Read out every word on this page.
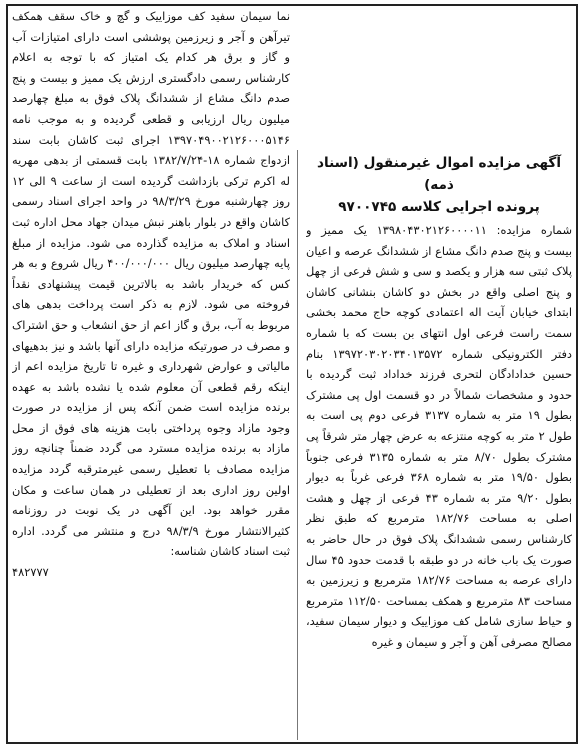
نما سیمان سفید کف موزاییک و گچ و خاک سقف همکف تیرآهن و آجر و زیرزمین پوششی است دارای امتیازات آب و گاز و برق هر کدام یک امتیاز که با توجه به اعلام کارشناس رسمی دادگستری ارزش یک ممیز و بیست و پنج صدم دانگ مشاع از ششدانگ پلاک فوق به مبلغ چهارصد میلیون ریال ارزیابی و قطعی گردیده و به موجب نامه ۱۳۹۷۰۴۹۰۰۲۱۲۶۰۰۰۵۱۴۶ اجرای ثبت کاشان بابت سند ازدواج شماره ۱۸-۱۳۸۲/۷/۲۴ بابت قسمتی از بدهی مهریه له اکرم ترکی بازداشت گردیده است از ساعت ۹ الی ۱۲ روز چهارشنبه مورخ ۹۸/۳/۲۹ در واحد اجرای اسناد رسمی کاشان واقع در بلوار باهنر نبش میدان جهاد محل اداره ثبت اسناد و املاک به مزایده گذارده می شود. مزایده از مبلغ پایه چهارصد میلیون ریال ۴۰۰/۰۰۰/۰۰۰ ریال شروع و به هر کس که خریدار باشد به بالاترین قیمت پیشنهادی نقداً فروخته می شود. لازم به ذکر است پرداخت بدهی های مربوط به آب، برق و گاز اعم از حق انشعاب و حق اشتراک و مصرف در صورتیکه مزایده دارای آنها باشد و نیز بدهیهای مالیاتی و عوارض شهرداری و غیره تا تاریخ مزایده اعم از اینکه رقم قطعی آن معلوم شده یا نشده باشد به عهده برنده مزایده است ضمن آنکه پس از مزایده در صورت وجود مازاد وجوه پرداختی بابت هزینه های فوق از محل مازاد به برنده مزایده مسترد می گردد ضمناً چنانچه روز مزایده مصادف با تعطیل رسمی غیرمترقبه گردد مزایده اولین روز اداری بعد از تعطیلی در همان ساعت و مکان مقرر خواهد بود. این آگهی در یک نوبت در روزنامه کثیرالانتشار مورخ ۹۸/۳/۹ درج و منتشر می گردد. اداره ثبت اسناد کاشان شناسه:

۴۸۲۷۷۷

آگهی مزایده اموال غیرمنقول (اسناد ذمه)
پرونده اجرایی کلاسه ۹۷۰۰۷۴۵

شماره مزایده: ۱۳۹۸۰۴۳۰۲۱۲۶۰۰۰۰۱۱ یک ممیز و بیست و پنج صدم دانگ مشاع از ششدانگ عرصه و اعیان پلاک ثبتی سه هزار و یکصد و سی و شش فرعی از چهل و پنج اصلی واقع در بخش دو کاشان بنشانی کاشان ابتدای خیابان آیت اله اعتمادی کوچه حاج محمد بخشی سمت راست فرعی اول انتهای بن بست که با شماره دفتر الکترونیکی شماره ۱۳۹۷۲۰۳۰۲۰۳۴۰۱۳۵۷۲ بنام حسین خدادادگان لتحری فرزند خداداد ثبت گردیده با حدود و مشخصات شمالاً در دو قسمت اول پی مشترک بطول ۱۹ متر به شماره ۳۱۳۷ فرعی دوم پی است به طول ۲ متر به کوچه منتزعه به عرض چهار متر شرقاً پی مشترک بطول ۸/۷۰ متر به شماره ۳۱۳۵ فرعی جنوباً بطول ۱۹/۵۰ متر به شماره ۳۶۸ فرعی غرباً به دیوار بطول ۹/۲۰ متر به شماره ۴۳ فرعی از چهل و هشت اصلی به مساحت ۱۸۲/۷۶ مترمربع که طبق نظر کارشناس رسمی ششدانگ پلاک فوق در حال حاضر به صورت یک باب خانه در دو طبقه با قدمت حدود ۴۵ سال دارای عرصه به مساحت ۱۸۲/۷۶ مترمربع و زیرزمین به مساحت ۸۳ مترمربع و همکف بمساحت ۱۱۲/۵۰ مترمربع و حیاط سازی شامل کف موزاییک و دیوار سیمان سفید، مصالح مصرفی آهن و آجر و سیمان و غیره
